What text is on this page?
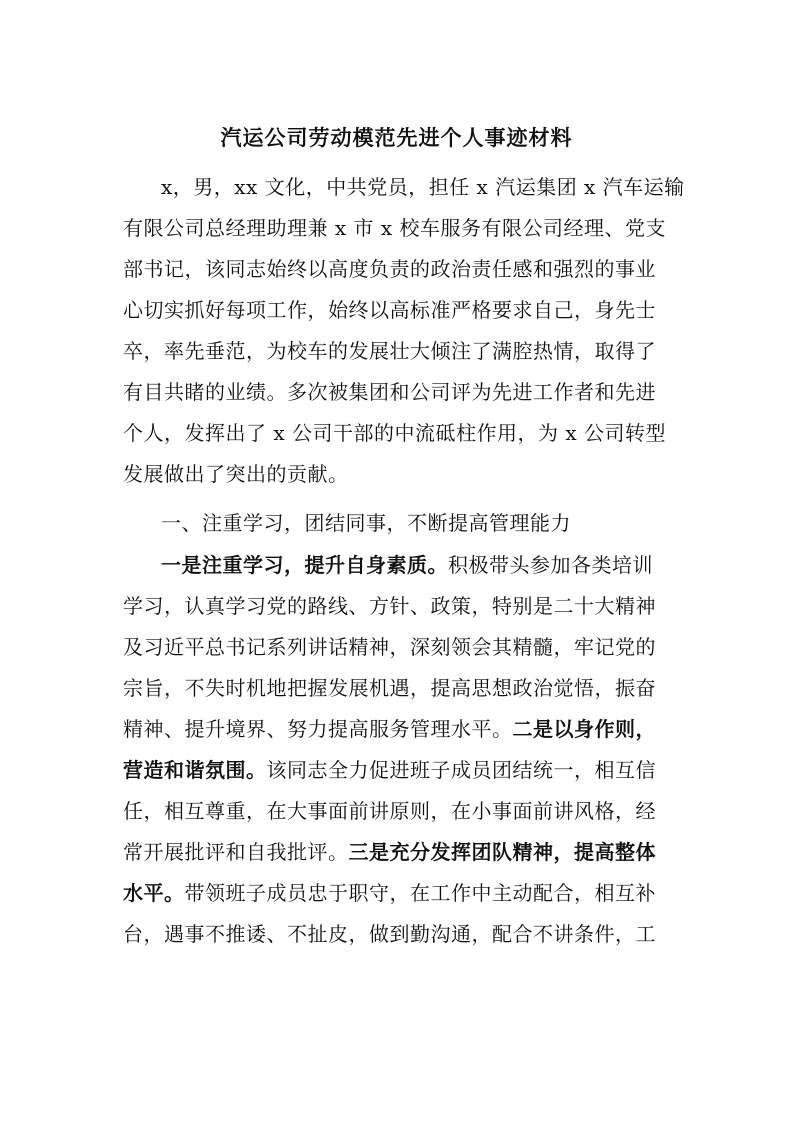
汽运公司劳动模范先进个人事迹材料
x，男，xx 文化，中共党员，担任 x 汽运集团 x 汽车运输
有限公司总经理助理兼 x 市 x 校车服务有限公司经理、党支
部书记，该同志始终以高度负责的政治责任感和强烈的事业
心切实抓好每项工作，始终以高标准严格要求自己，身先士
卒，率先垂范，为校车的发展壮大倾注了满腔热情，取得了
有目共睹的业绩。多次被集团和公司评为先进工作者和先进
个人，发挥出了 x 公司干部的中流砥柱作用，为 x 公司转型
发展做出了突出的贡献。
一、注重学习，团结同事，不断提高管理能力
一是注重学习，提升自身素质。积极带头参加各类培训
学习，认真学习党的路线、方针、政策，特别是二十大精神
及习近平总书记系列讲话精神，深刻领会其精髓，牢记党的
宗旨，不失时机地把握发展机遇，提高思想政治觉悟，振奋
精神、提升境界、努力提高服务管理水平。二是以身作则，
营造和谐氛围。该同志全力促进班子成员团结统一，相互信
任，相互尊重，在大事面前讲原则，在小事面前讲风格，经
常开展批评和自我批评。三是充分发挥团队精神，提高整体
水平。带领班子成员忠于职守，在工作中主动配合，相互补
台，遇事不推诿、不扯皮，做到勤沟通，配合不讲条件，工
